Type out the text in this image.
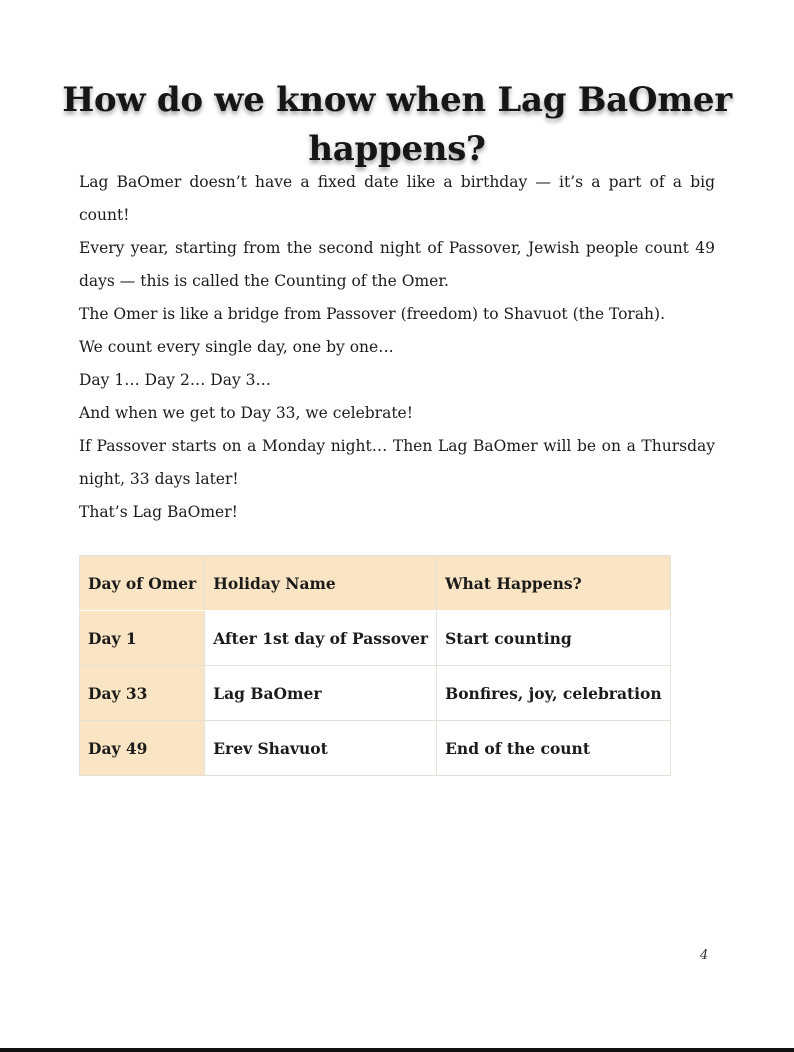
How do we know when Lag BaOmer happens?

Lag BaOmer doesn’t have a fixed date like a birthday — it’s a part of a big count!

Every year, starting from the second night of Passover, Jewish people count 49 days — this is called the Counting of the Omer.

The Omer is like a bridge from Passover (freedom) to Shavuot (the Torah).

We count every single day, one by one…

Day 1… Day 2… Day 3…

And when we get to Day 33, we celebrate!

If Passover starts on a Monday night… Then Lag BaOmer will be on a Thursday night, 33 days later!

That’s Lag BaOmer!

Day of Omer	Holiday Name	What Happens?
Day 1	After 1st day of Passover	Start counting
Day 33	Lag BaOmer	Bonfires, joy, celebration
Day 49	Erev Shavuot	End of the count
4
